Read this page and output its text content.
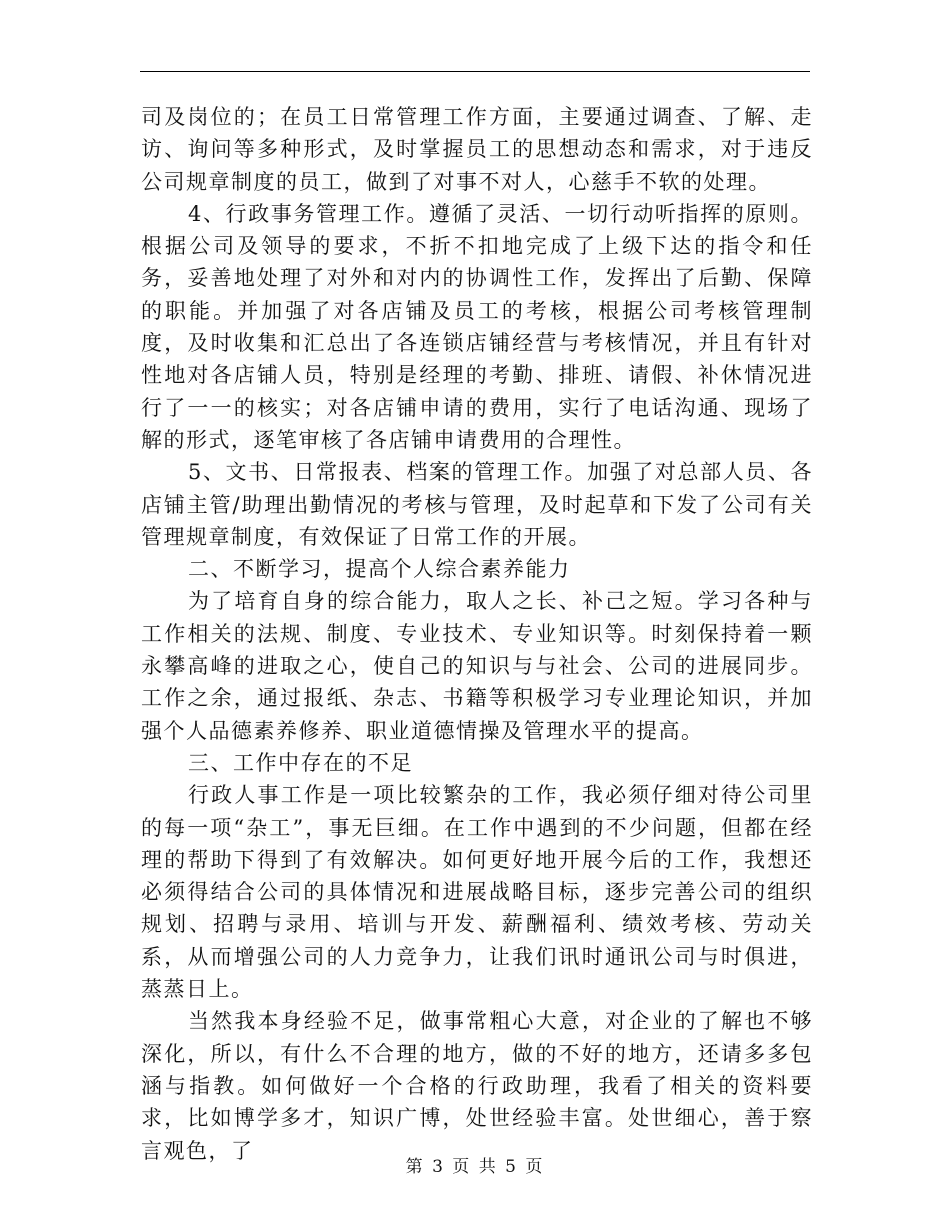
司及岗位的；在员工日常管理工作方面，主要通过调查、了解、走访、询问等多种形式，及时掌握员工的思想动态和需求，对于违反公司规章制度的员工，做到了对事不对人，心慈手不软的处理。

4、行政事务管理工作。遵循了灵活、一切行动听指挥的原则。根据公司及领导的要求，不折不扣地完成了上级下达的指令和任务，妥善地处理了对外和对内的协调性工作，发挥出了后勤、保障的职能。并加强了对各店铺及员工的考核，根据公司考核管理制度，及时收集和汇总出了各连锁店铺经营与考核情况，并且有针对性地对各店铺人员，特别是经理的考勤、排班、请假、补休情况进行了一一的核实；对各店铺申请的费用，实行了电话沟通、现场了解的形式，逐笔审核了各店铺申请费用的合理性。

5、文书、日常报表、档案的管理工作。加强了对总部人员、各店铺主管/助理出勤情况的考核与管理，及时起草和下发了公司有关管理规章制度，有效保证了日常工作的开展。

二、不断学习，提高个人综合素养能力

为了培育自身的综合能力，取人之长、补己之短。学习各种与工作相关的法规、制度、专业技术、专业知识等。时刻保持着一颗永攀高峰的进取之心，使自己的知识与与社会、公司的进展同步。工作之余，通过报纸、杂志、书籍等积极学习专业理论知识，并加强个人品德素养修养、职业道德情操及管理水平的提高。

三、工作中存在的不足

行政人事工作是一项比较繁杂的工作，我必须仔细对待公司里的每一项“杂工”，事无巨细。在工作中遇到的不少问题，但都在经理的帮助下得到了有效解决。如何更好地开展今后的工作，我想还必须得结合公司的具体情况和进展战略目标，逐步完善公司的组织规划、招聘与录用、培训与开发、薪酬福利、绩效考核、劳动关系，从而增强公司的人力竞争力，让我们讯时通讯公司与时俱进，蒸蒸日上。

当然我本身经验不足，做事常粗心大意，对企业的了解也不够深化，所以，有什么不合理的地方，做的不好的地方，还请多多包涵与指教。如何做好一个合格的行政助理，我看了相关的资料要求，比如博学多才，知识广博，处世经验丰富。处世细心，善于察言观色，了

第 3 页 共 5 页
